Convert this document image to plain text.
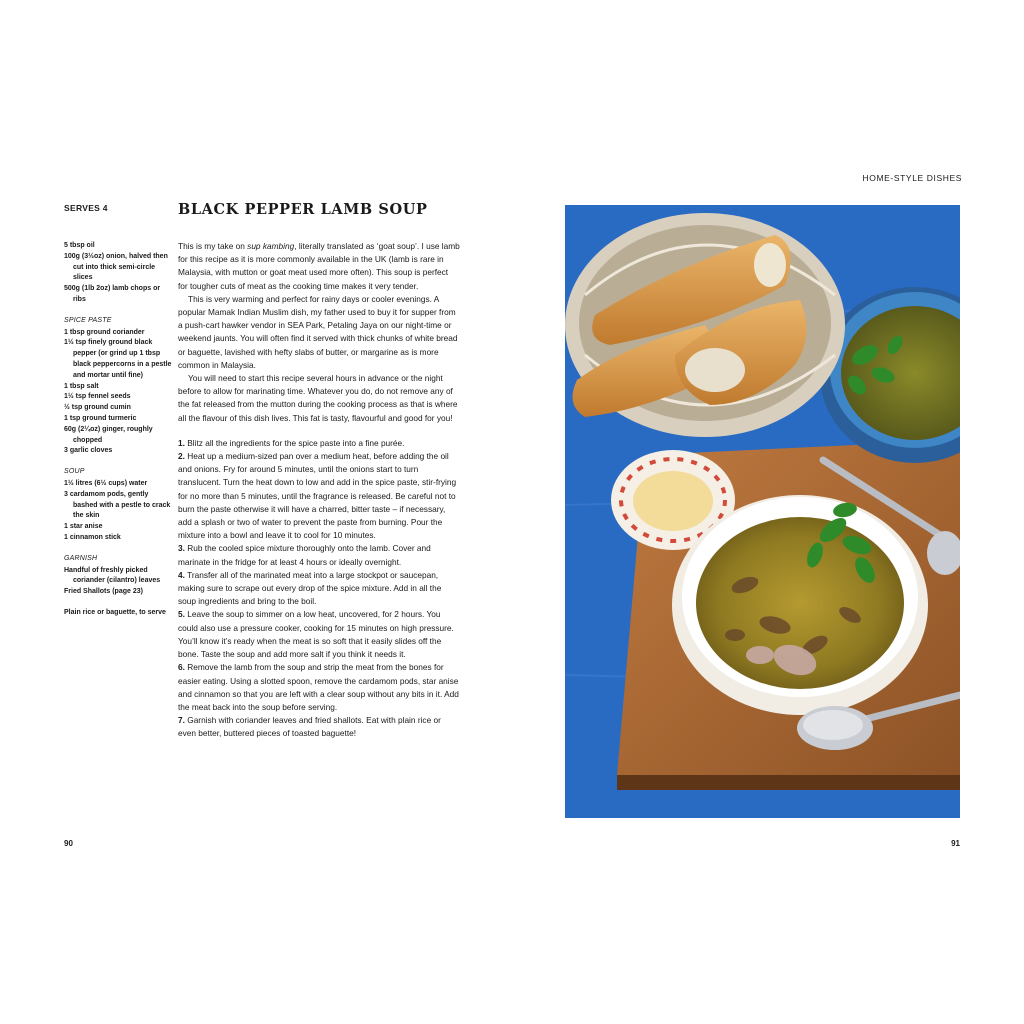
HOME-STYLE DISHES
SERVES 4	BLACK PEPPER LAMB SOUP
5 tbsp oil
100g (3½oz) onion, halved then cut into thick semi-circle slices
500g (1lb 2oz) lamb chops or ribs
SPICE PASTE
1 tbsp ground coriander
1½ tsp finely ground black pepper (or grind up 1 tbsp black peppercorns in a pestle and mortar until fine)
1 tbsp salt
1½ tsp fennel seeds
½ tsp ground cumin
1 tsp ground turmeric
60g (2¼oz) ginger, roughly chopped
3 garlic cloves
SOUP
1½ litres (6½ cups) water
3 cardamom pods, gently bashed with a pestle to crack the skin
1 star anise
1 cinnamon stick
GARNISH
Handful of freshly picked coriander (cilantro) leaves
Fried Shallots (page 23)
Plain rice or baguette, to serve

This is my take on sup kambing, literally translated as ‘goat soup’. I use lamb for this recipe as it is more commonly available in the UK (lamb is rare in Malaysia, with mutton or goat meat used more often). This soup is perfect for tougher cuts of meat as the cooking time makes it very tender.

This is very warming and perfect for rainy days or cooler evenings. A popular Mamak Indian Muslim dish, my father used to buy it for supper from a push-cart hawker vendor in SEA Park, Petaling Jaya on our night-time or weekend jaunts. You will often find it served with thick chunks of white bread or baguette, lavished with hefty slabs of butter, or margarine as is more common in Malaysia.

You will need to start this recipe several hours in advance or the night before to allow for marinating time. Whatever you do, do not remove any of the fat released from the mutton during the cooking process as that is where all the flavour of this dish lives. This fat is tasty, flavourful and good for you!

1. Blitz all the ingredients for the spice paste into a fine purée.

2. Heat up a medium-sized pan over a medium heat, before adding the oil and onions. Fry for around 5 minutes, until the onions start to turn translucent. Turn the heat down to low and add in the spice paste, stir-frying for no more than 5 minutes, until the fragrance is released. Be careful not to burn the paste otherwise it will have a charred, bitter taste – if necessary, add a splash or two of water to prevent the paste from burning. Pour the mixture into a bowl and leave it to cool for 10 minutes.

3. Rub the cooled spice mixture thoroughly onto the lamb. Cover and marinate in the fridge for at least 4 hours or ideally overnight.

4. Transfer all of the marinated meat into a large stockpot or saucepan, making sure to scrape out every drop of the spice mixture. Add in all the soup ingredients and bring to the boil.

5. Leave the soup to simmer on a low heat, uncovered, for 2 hours. You could also use a pressure cooker, cooking for 15 minutes on high pressure. You’ll know it’s ready when the meat is so soft that it easily slides off the bone. Taste the soup and add more salt if you think it needs it.

6. Remove the lamb from the soup and strip the meat from the bones for easier eating. Using a slotted spoon, remove the cardamom pods, star anise and cinnamon so that you are left with a clear soup without any bits in it. Add the meat back into the soup before serving.

7. Garnish with coriander leaves and fried shallots. Eat with plain rice or even better, buttered pieces of toasted baguette!

90	91
